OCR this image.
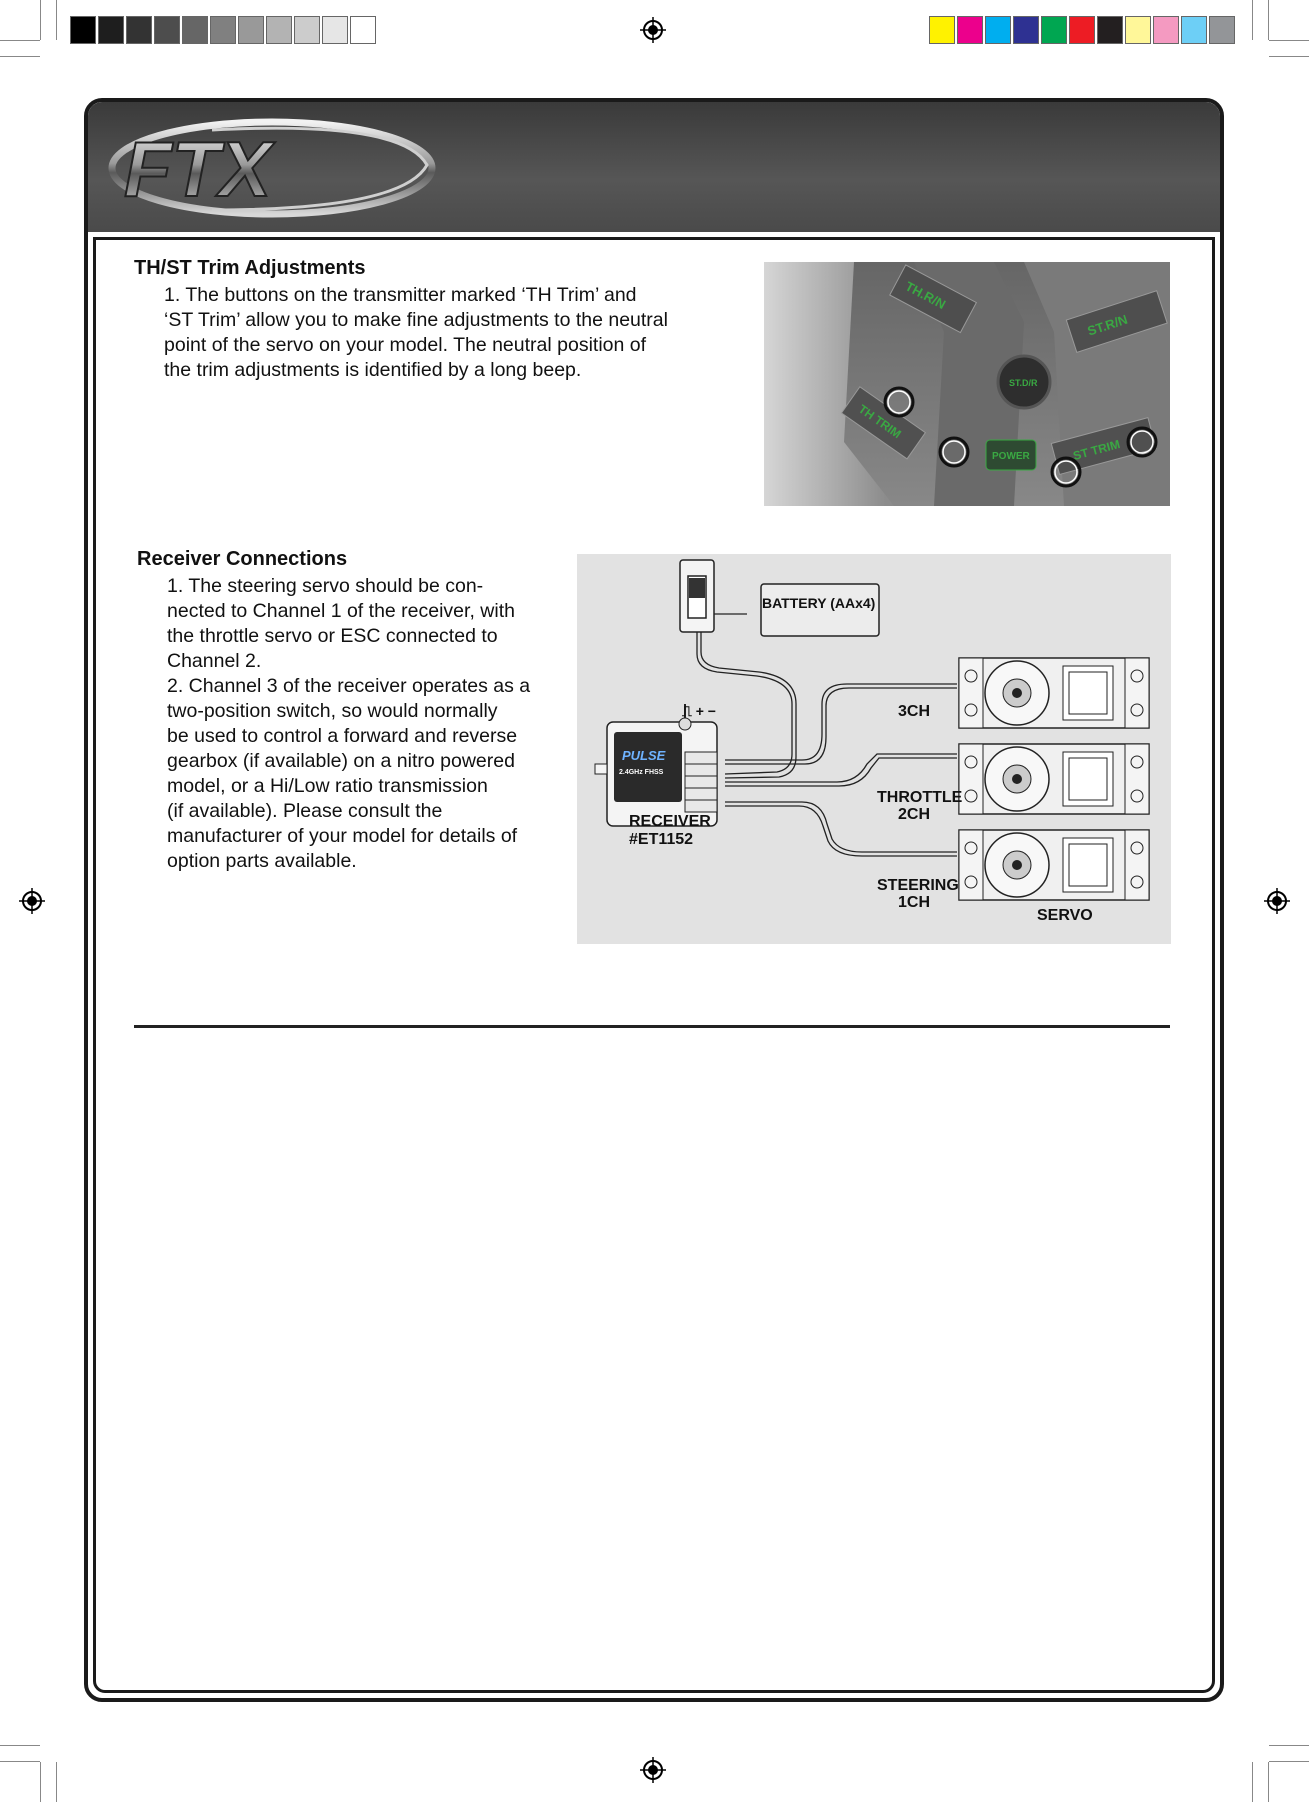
FTX
TH/ST Trim Adjustments
1. The buttons on the transmitter marked ‘TH Trim’ and
‘ST Trim’ allow you to make fine adjustments to the neutral
point of the servo on your model. The neutral position of
the trim adjustments is identified by a long beep.
TH.R/N
ST.R/N
ST.D/R
TH TRIM
POWER	ST TRIM
Receiver Connections
1. The steering servo should be con-
nected to Channel 1 of the receiver, with
the throttle servo or ESC connected to
Channel 2.
2. Channel 3 of the receiver operates as a
two-position switch, so would normally
be used to control a forward and reverse
gearbox (if available) on a nitro powered
model, or a Hi/Low ratio transmission
(if available). Please consult the
manufacturer of your model for details of
option parts available.
BATTERY (AAx4)
PULSE
2.4GHz FHSS
⎍ + −
RECEIVER
#ET1152
3CH
THROTTLE
2CH
STEERING
1CH
SERVO
